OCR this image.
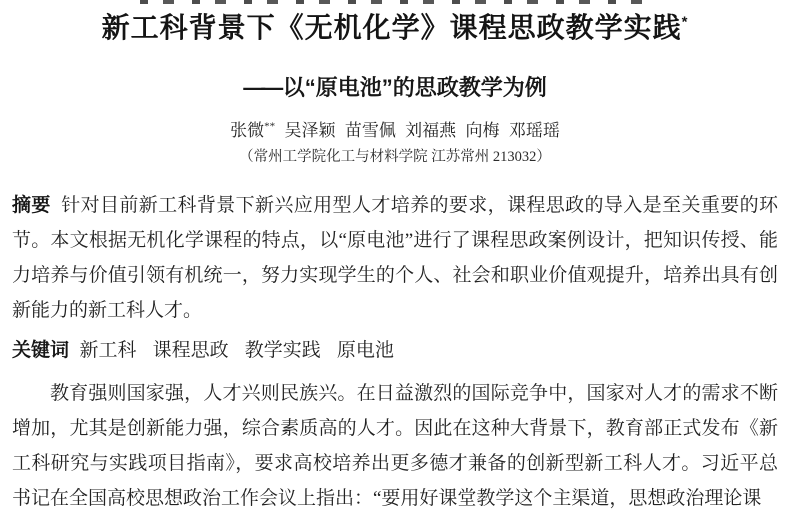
新工科背景下《无机化学》课程思政教学实践*
—— 以“原电池”的思政教学为例
张微** 吴泽颖 苗雪佩 刘福燕 向梅 邓瑶瑶
（常州工学院化工与材料学院 江苏常州 213032）

摘要 针对目前新工科背景下新兴应用型人才培养的要求，课程思政的导入是至关重要的环节。本文根据无机化学课程的特点，以“原电池”进行了课程思政案例设计，把知识传授、能力培养与价值引领有机统一，努力实现学生的个人、社会和职业价值观提升，培养出具有创新能力的新工科人才。

关键词 新工科 课程思政 教学实践 原电池

教育强则国家强，人才兴则民族兴。在日益激烈的国际竞争中，国家对人才的需求不断增加，尤其是创新能力强，综合素质高的人才。因此在这种大背景下，教育部正式发布《新工科研究与实践项目指南》，要求高校培养出更多德才兼备的创新型新工科人才。习近平总书记在全国高校思想政治工作会议上指出：“要用好课堂教学这个主渠道，思想政治理论课
